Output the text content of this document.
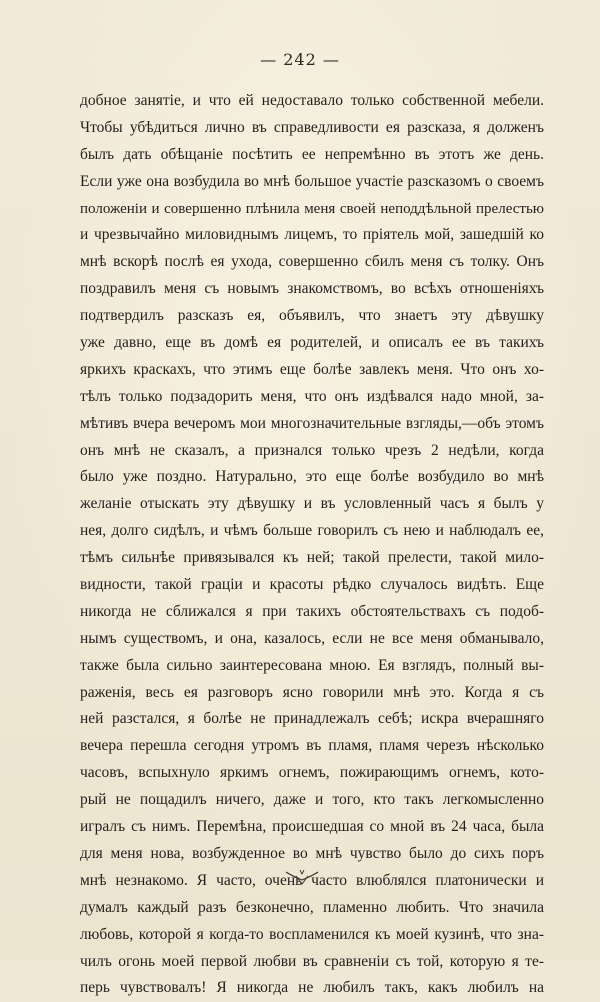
— 242 —
добное занятіе, и что ей недоставало только собственной мебели.
Чтобы убѣдиться лично въ справедливости ея разсказа, я долженъ
былъ дать обѣщаніе посѣтить ее непремѣнно въ этотъ же день.
Если уже она возбудила во мнѣ большое участіе разсказомъ о своемъ
положеніи и совершенно плѣнила меня своей неподдѣльной прелестью
и чрезвычайно миловиднымъ лицемъ, то пріятель мой, зашедшій ко
мнѣ вскорѣ послѣ ея ухода, совершенно сбилъ меня съ толку. Онъ
поздравилъ меня съ новымъ знакомствомъ, во всѣхъ отношеніяхъ
подтвердилъ разсказъ ея, объявилъ, что знаетъ эту дѣвушку
уже давно, еще въ домѣ ея родителей, и описалъ ее въ такихъ
яркихъ краскахъ, что этимъ еще болѣе завлекъ меня. Что онъ хо-
тѣлъ только подзадорить меня, что онъ издѣвался надо мной, за-
мѣтивъ вчера вечеромъ мои многозначительные взгляды,—объ этомъ
онъ мнѣ не сказалъ, а признался только чрезъ 2 недѣли, когда
было уже поздно. Натурально, это еще болѣе возбудило во мнѣ
желаніе отыскать эту дѣвушку и въ условленный часъ я былъ у
нея, долго сидѣлъ, и чѣмъ больше говорилъ съ нею и наблюдалъ ее,
тѣмъ сильнѣе привязывался къ ней; такой прелести, такой мило-
видности, такой граціи и красоты рѣдко случалось видѣть. Еще
никогда не сближался я при такихъ обстоятельствахъ съ подоб-
нымъ существомъ, и она, казалось, если не все меня обманывало,
также была сильно заинтересована мною. Ея взглядъ, полный вы-
раженія, весь ея разговоръ ясно говорили мнѣ это. Когда я съ
ней разстался, я болѣе не принадлежалъ себѣ; искра вчерашняго
вечера перешла сегодня утромъ въ пламя, пламя черезъ нѣсколько
часовъ, вспыхнуло яркимъ огнемъ, пожирающимъ огнемъ, кото-
рый не пощадилъ ничего, даже и того, кто такъ легкомысленно
игралъ съ нимъ. Перемѣна, происшедшая со мной въ 24 часа, была
для меня нова, возбужденное во мнѣ чувство было до сихъ поръ
мнѣ незнакомо. Я часто, очень часто влюблялся платонически и
думалъ каждый разъ безконечно, пламенно любить. Что значила
любовь, которой я когда-то воспламенился къ моей кузинѣ, что зна-
чилъ огонь моей первой любви въ сравненіи съ той, которую я те-
перь чувствовалъ! Я никогда не любилъ такъ, какъ любилъ на
